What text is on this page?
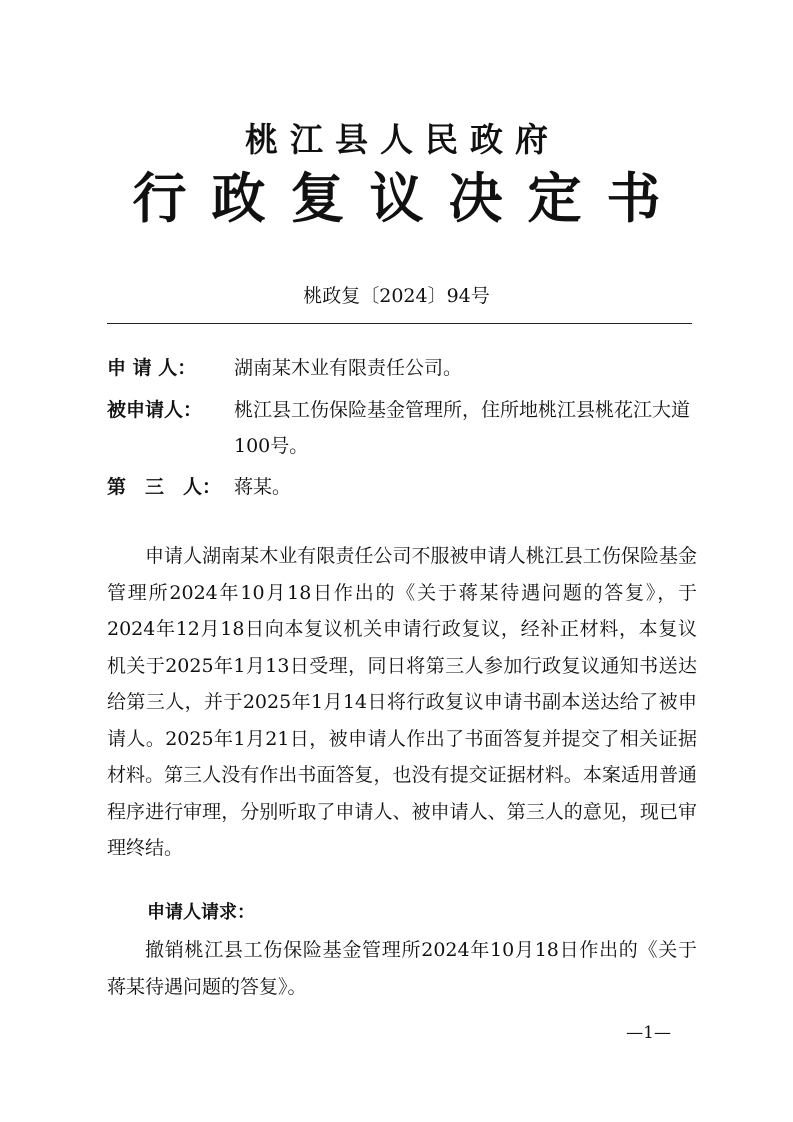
桃江县人民政府
行政复议决定书
桃政复〔2024〕94号
申 请 人： 湖南某木业有限责任公司。
被申请人： 桃江县工伤保险基金管理所，住所地桃江县桃花江大道100号。
第　三　人： 蒋某。
申请人湖南某木业有限责任公司不服被申请人桃江县工伤保险基金管理所2024年10月18日作出的《关于蒋某待遇问题的答复》，于2024年12月18日向本复议机关申请行政复议，经补正材料，本复议机关于2025年1月13日受理，同日将第三人参加行政复议通知书送达给第三人，并于2025年1月14日将行政复议申请书副本送达给了被申请人。2025年1月21日，被申请人作出了书面答复并提交了相关证据材料。第三人没有作出书面答复，也没有提交证据材料。本案适用普通程序进行审理，分别听取了申请人、被申请人、第三人的意见，现已审理终结。
申请人请求：
撤销桃江县工伤保险基金管理所2024年10月18日作出的《关于蒋某待遇问题的答复》。
—1—
